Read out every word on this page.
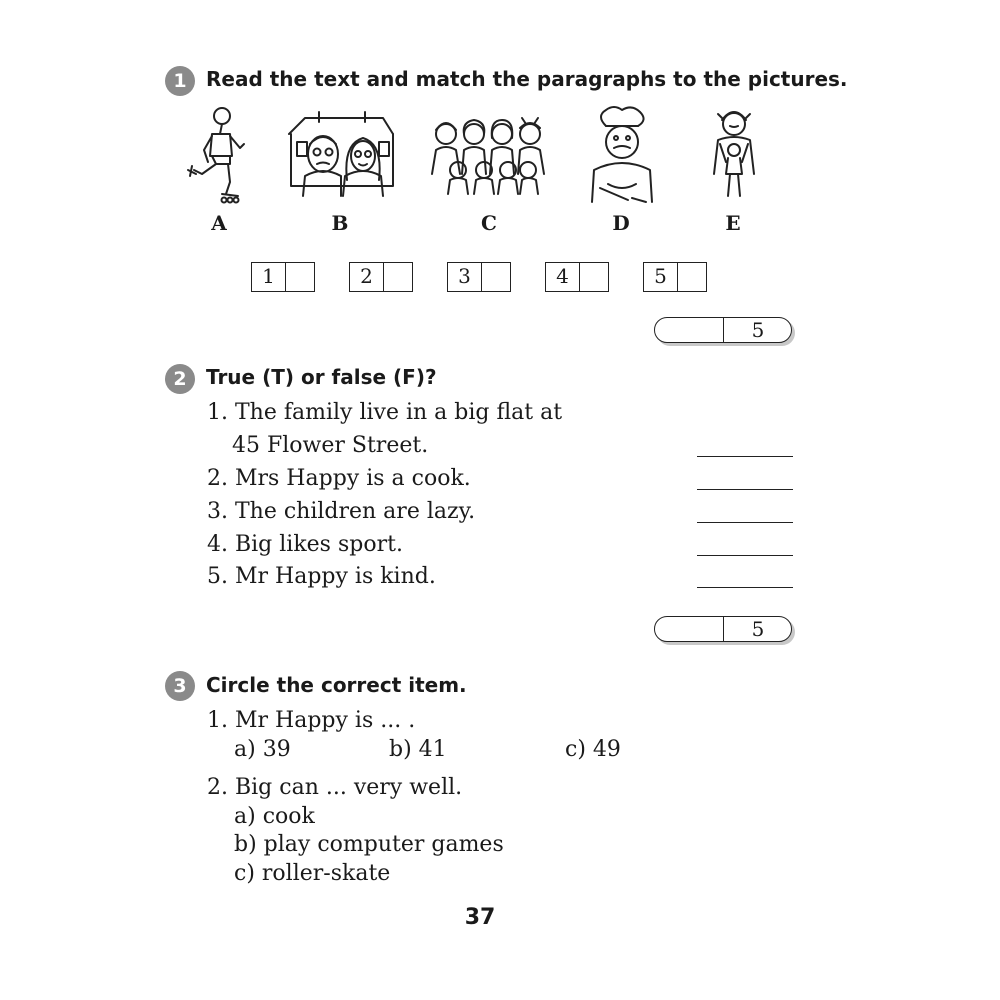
1 Read the text and match the paragraphs to the pictures.
A	B	C	D	E
1	2	3	4	5
5
2 True (T) or false (F)?
1. The family live in a big flat at
45 Flower Street.
2. Mrs Happy is a cook.
3. The children are lazy.
4. Big likes sport.
5. Mr Happy is kind.
5
3 Circle the correct item.
1. Mr Happy is ... .
a) 39	b) 41	c) 49
2. Big can ... very well.
a) cook
b) play computer games
c) roller-skate
37
